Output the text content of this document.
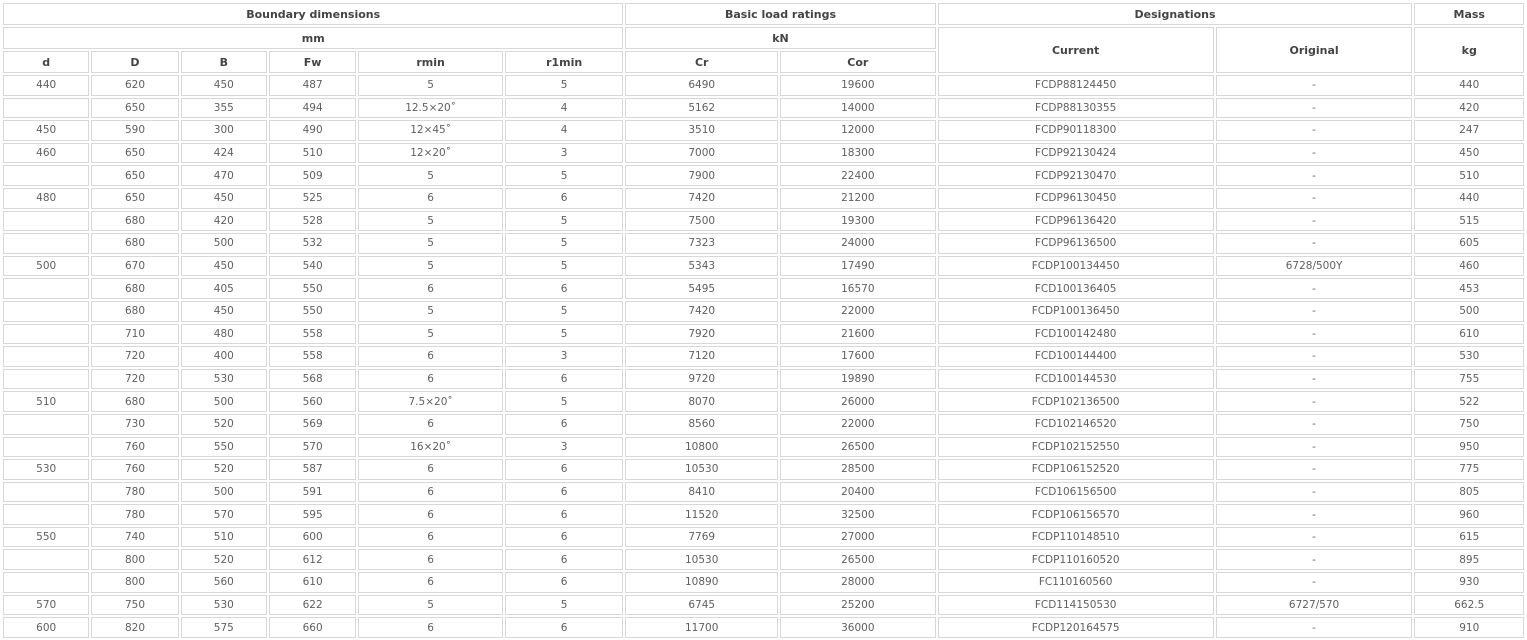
Boundary dimensions						Basic load ratings		Designations		Mass
mm						kN		Current	Original	kg
d	D	B	Fw	rmin	r1min	Cr	Cor			
440	620	450	487	5	5	6490	19600	FCDP88124450	-	440
	650	355	494	12.5×20˚	4	5162	14000	FCDP88130355	-	420
450	590	300	490	12×45˚	4	3510	12000	FCDP90118300	-	247
460	650	424	510	12×20˚	3	7000	18300	FCDP92130424	-	450
	650	470	509	5	5	7900	22400	FCDP92130470	-	510
480	650	450	525	6	6	7420	21200	FCDP96130450	-	440
	680	420	528	5	5	7500	19300	FCDP96136420	-	515
	680	500	532	5	5	7323	24000	FCDP96136500	-	605
500	670	450	540	5	5	5343	17490	FCDP100134450	6728/500Y	460
	680	405	550	6	6	5495	16570	FCD100136405	-	453
	680	450	550	5	5	7420	22000	FCDP100136450	-	500
	710	480	558	5	5	7920	21600	FCD100142480	-	610
	720	400	558	6	3	7120	17600	FCD100144400	-	530
	720	530	568	6	6	9720	19890	FCD100144530	-	755
510	680	500	560	7.5×20˚	5	8070	26000	FCDP102136500	-	522
	730	520	569	6	6	8560	22000	FCD102146520	-	750
	760	550	570	16×20˚	3	10800	26500	FCDP102152550	-	950
530	760	520	587	6	6	10530	28500	FCDP106152520	-	775
	780	500	591	6	6	8410	20400	FCD106156500	-	805
	780	570	595	6	6	11520	32500	FCDP106156570	-	960
550	740	510	600	6	6	7769	27000	FCDP110148510	-	615
	800	520	612	6	6	10530	26500	FCDP110160520	-	895
	800	560	610	6	6	10890	28000	FC110160560	-	930
570	750	530	622	5	5	6745	25200	FCD114150530	6727/570	662.5
600	820	575	660	6	6	11700	36000	FCDP120164575	-	910
